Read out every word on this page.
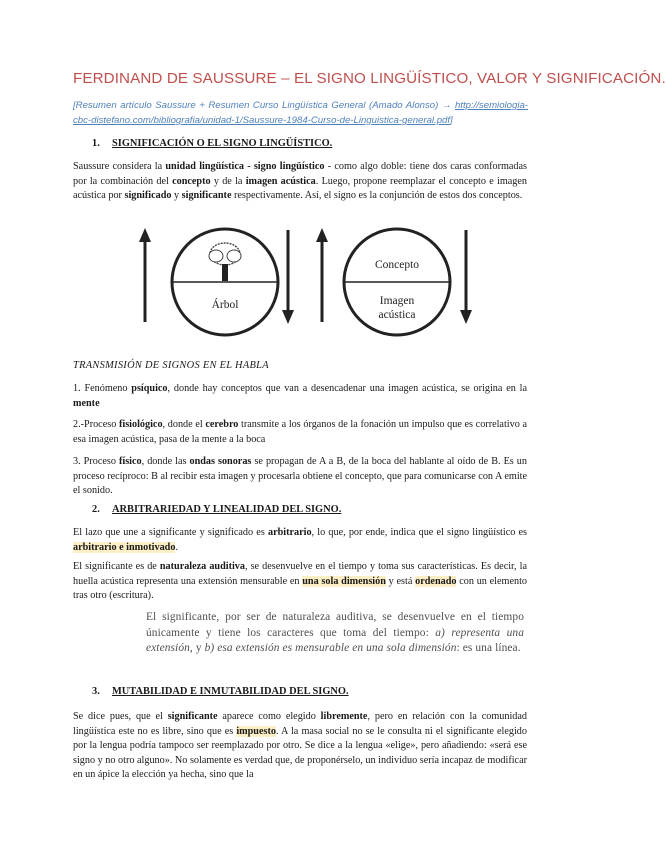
FERDINAND DE SAUSSURE – EL SIGNO LINGÜÍSTICO, VALOR Y SIGNIFICACIÓN.
[Resumen artículo Saussure + Resumen Curso Lingüística General (Amado Alonso) → http://semiologia-cbc-distefano.com/bibliografia/unidad-1/Saussure-1984-Curso-de-Linguistica-general.pdf]
1. SIGNIFICACIÓN O EL SIGNO LINGÜÍSTICO.

Saussure considera la unidad lingüística - signo lingüístico - como algo doble: tiene dos caras conformadas por la combinación del concepto y de la imagen acústica. Luego, propone reemplazar el concepto e imagen acústica por significado y significante respectivamente. Así, el signo es la conjunción de estos dos conceptos.

Árbol
Concepto
Imagen
acústica
TRANSMISIÓN DE SIGNOS EN EL HABLA

1. Fenómeno psíquico, donde hay conceptos que van a desencadenar una imagen acústica, se origina en la mente

2.-Proceso fisiológico, donde el cerebro transmite a los órganos de la fonación un impulso que es correlativo a esa imagen acústica, pasa de la mente a la boca

3. Proceso físico, donde las ondas sonoras se propagan de A a B, de la boca del hablante al oído de B. Es un proceso recíproco: B al recibir esta imagen y procesarla obtiene el concepto, que para comunicarse con A emite el sonido.

2. ARBITRARIEDAD Y LINEALIDAD DEL SIGNO.

El lazo que une a significante y significado es arbitrario, lo que, por ende, indica que el signo lingüístico es arbitrario e inmotivado.

El significante es de naturaleza auditiva, se desenvuelve en el tiempo y toma sus características. Es decir, la huella acústica representa una extensión mensurable en una sola dimensión y está ordenado con un elemento tras otro (escritura).

El significante, por ser de naturaleza auditiva, se desenvuelve en el tiempo únicamente y tiene los caracteres que toma del tiempo: a) representa una extensión, y b) esa extensión es mensurable en una sola dimensión: es una línea.
3. MUTABILIDAD E INMUTABILIDAD DEL SIGNO.

Se dice pues, que el significante aparece como elegido libremente, pero en relación con la comunidad lingüística este no es libre, sino que es impuesto. A la masa social no se le consulta ni el significante elegido por la lengua podría tampoco ser reemplazado por otro. Se dice a la lengua «elige», pero añadiendo: «será ese signo y no otro alguno». No solamente es verdad que, de proponérselo, un individuo sería incapaz de modificar en un ápice la elección ya hecha, sino que la
